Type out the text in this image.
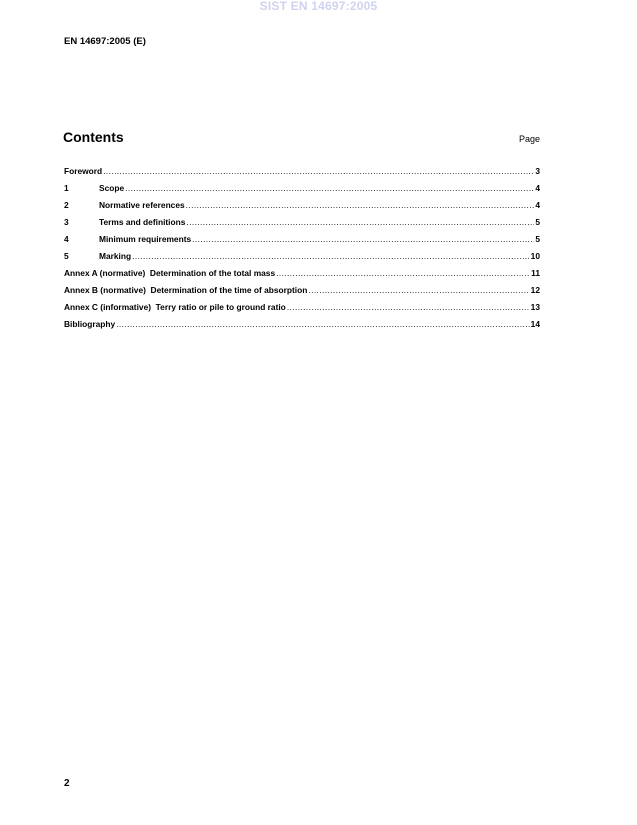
SIST EN 14697:2005
EN 14697:2005 (E)
Contents	Page
Foreword .....	3
1	Scope .....	4
2	Normative references .....	4
3	Terms and definitions .....	5
4	Minimum requirements .....	5
5	Marking .....	10
Annex A (normative)  Determination of the total mass .....	11
Annex B (normative)  Determination of the time of absorption .....	12
Annex C (informative)  Terry ratio or pile to ground ratio .....	13
Bibliography .....	14
2
